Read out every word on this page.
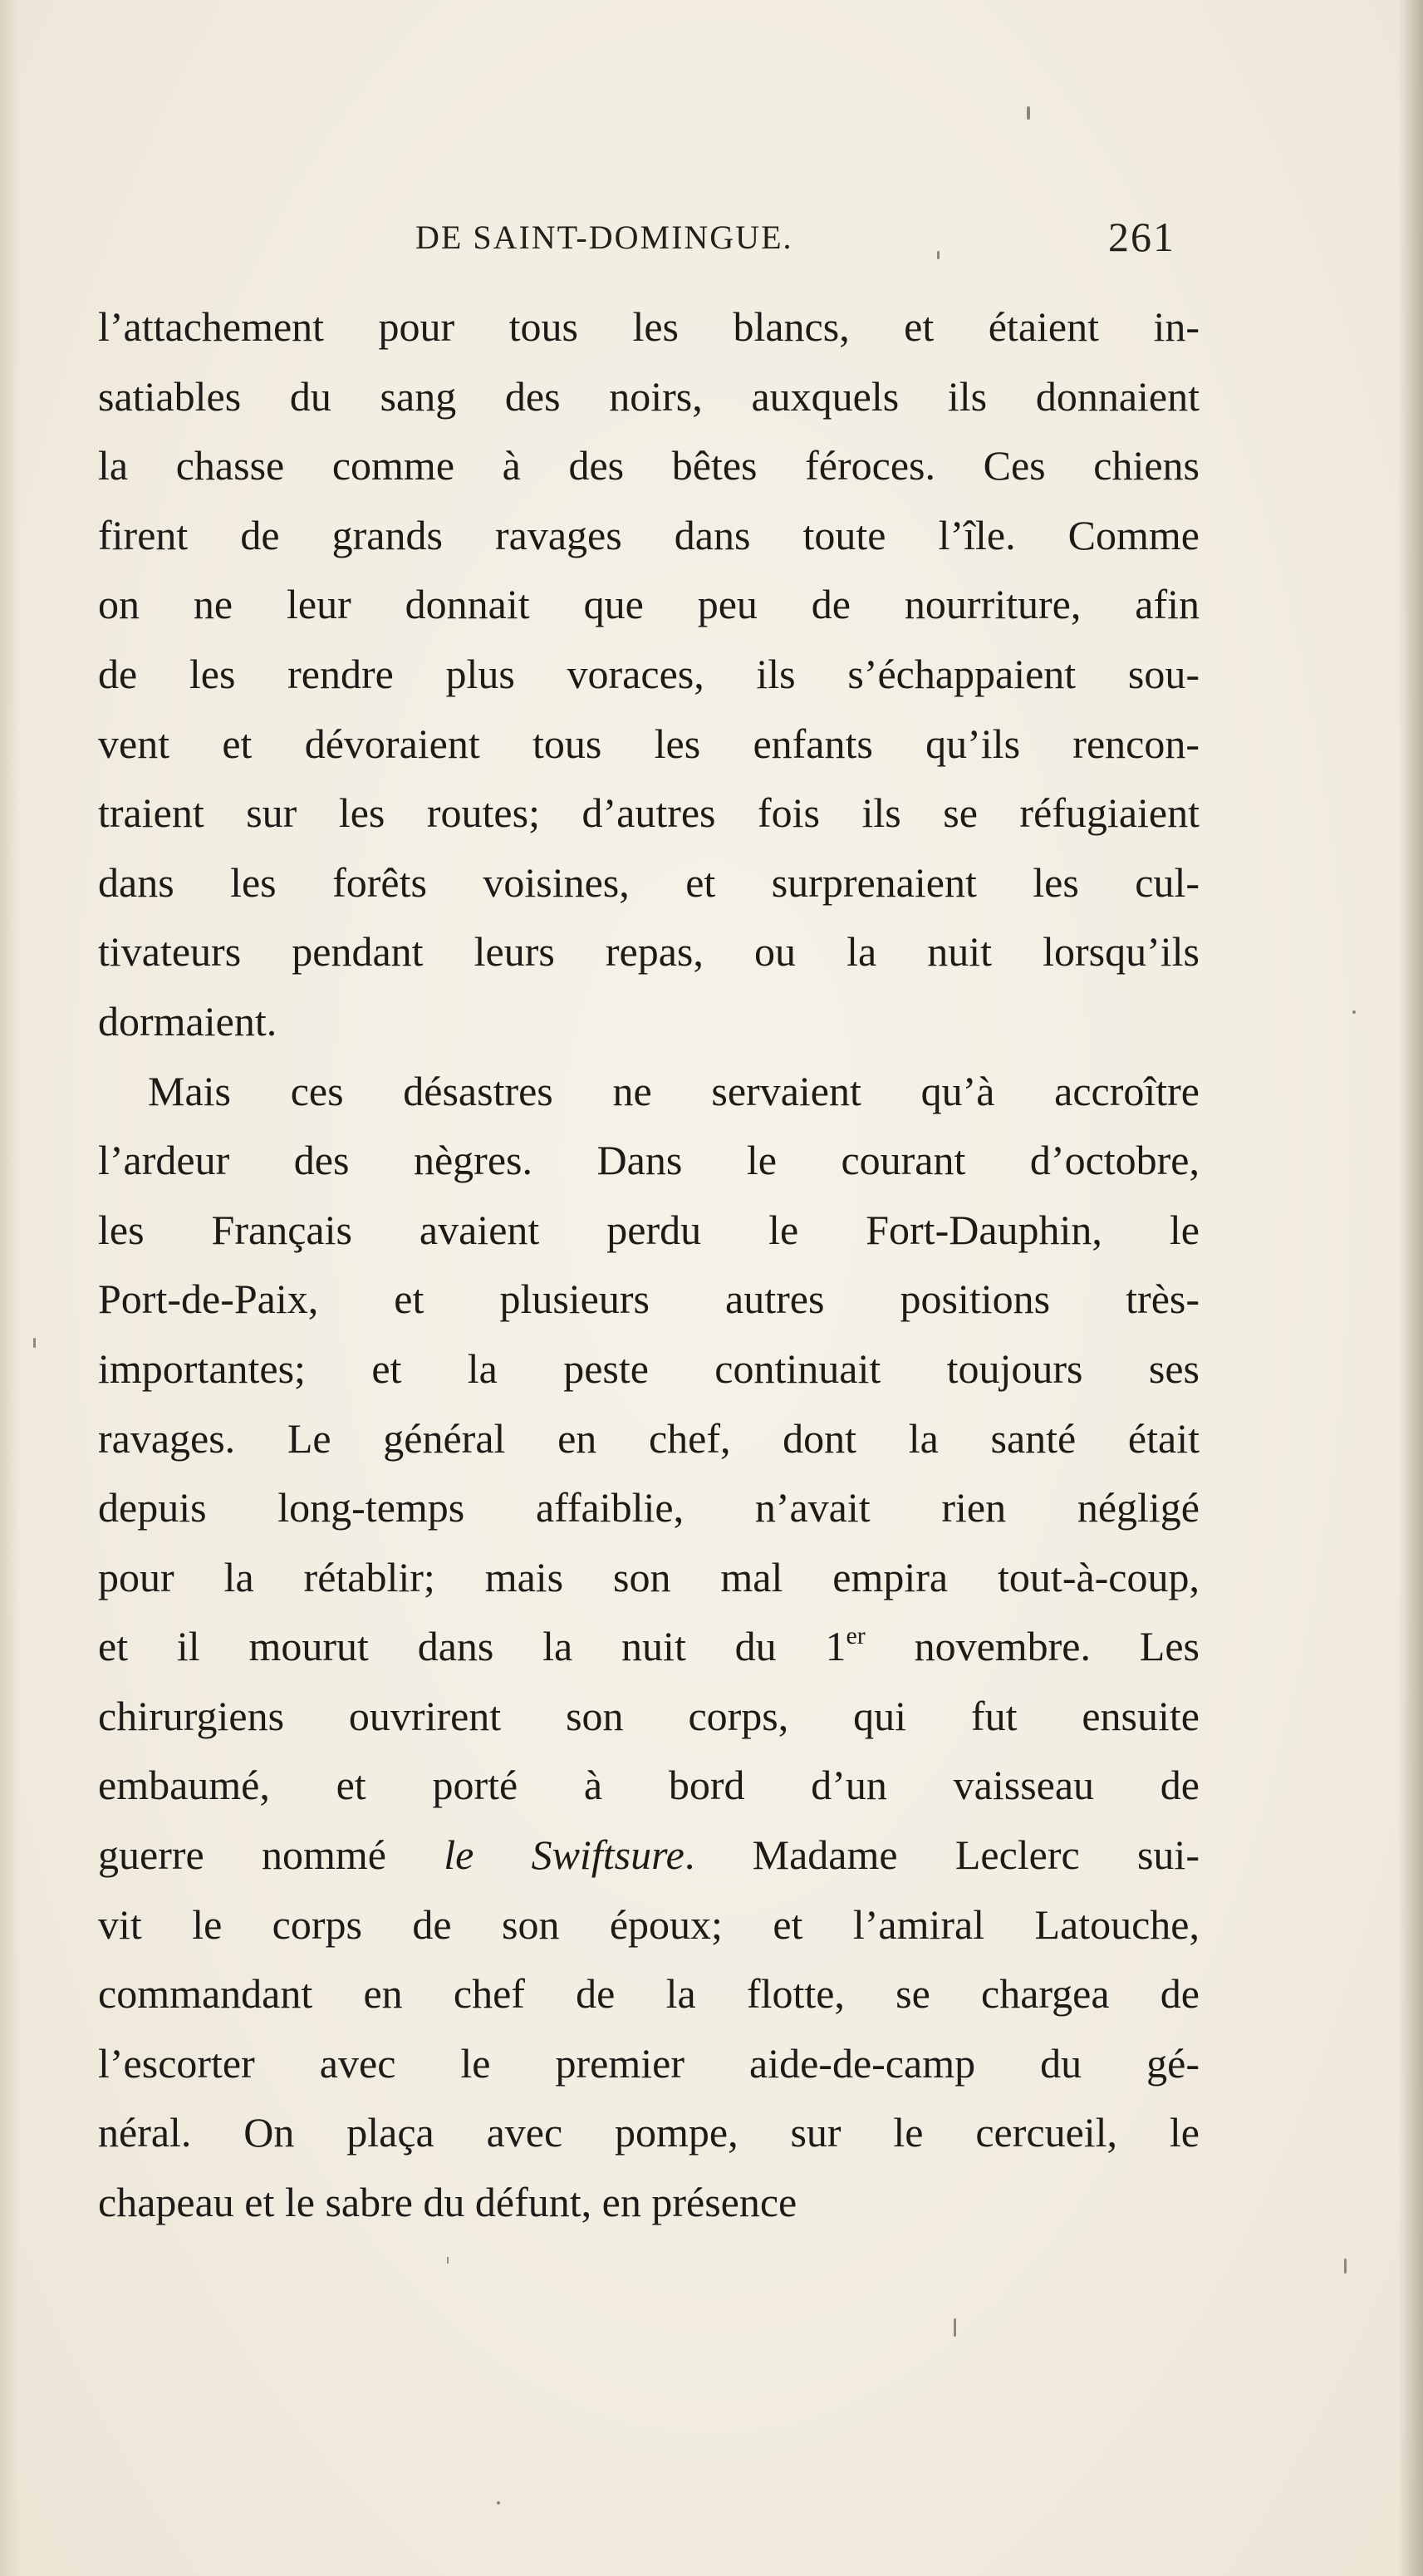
DE SAINT-DOMINGUE.	261
l’attachement pour tous les blancs, et étaient in-
satiables du sang des noirs, auxquels ils donnaient
la chasse comme à des bêtes féroces. Ces chiens
firent de grands ravages dans toute l’île. Comme
on ne leur donnait que peu de nourriture, afin
de les rendre plus voraces, ils s’échappaient sou-
vent et dévoraient tous les enfants qu’ils rencon-
traient sur les routes; d’autres fois ils se réfugiaient
dans les forêts voisines, et surprenaient les cul-
tivateurs pendant leurs repas, ou la nuit lorsqu’ils
dormaient.
Mais ces désastres ne servaient qu’à accroître
l’ardeur des nègres. Dans le courant d’octobre,
les Français avaient perdu le Fort-Dauphin, le
Port-de-Paix, et plusieurs autres positions très-
importantes; et la peste continuait toujours ses
ravages. Le général en chef, dont la santé était
depuis long-temps affaiblie, n’avait rien négligé
pour la rétablir; mais son mal empira tout-à-coup,
et il mourut dans la nuit du 1er novembre. Les
chirurgiens ouvrirent son corps, qui fut ensuite
embaumé, et porté à bord d’un vaisseau de
guerre nommé le Swiftsure. Madame Leclerc sui-
vit le corps de son époux; et l’amiral Latouche,
commandant en chef de la flotte, se chargea de
l’escorter avec le premier aide-de-camp du gé-
néral. On plaça avec pompe, sur le cercueil, le
chapeau et le sabre du défunt, en présence
